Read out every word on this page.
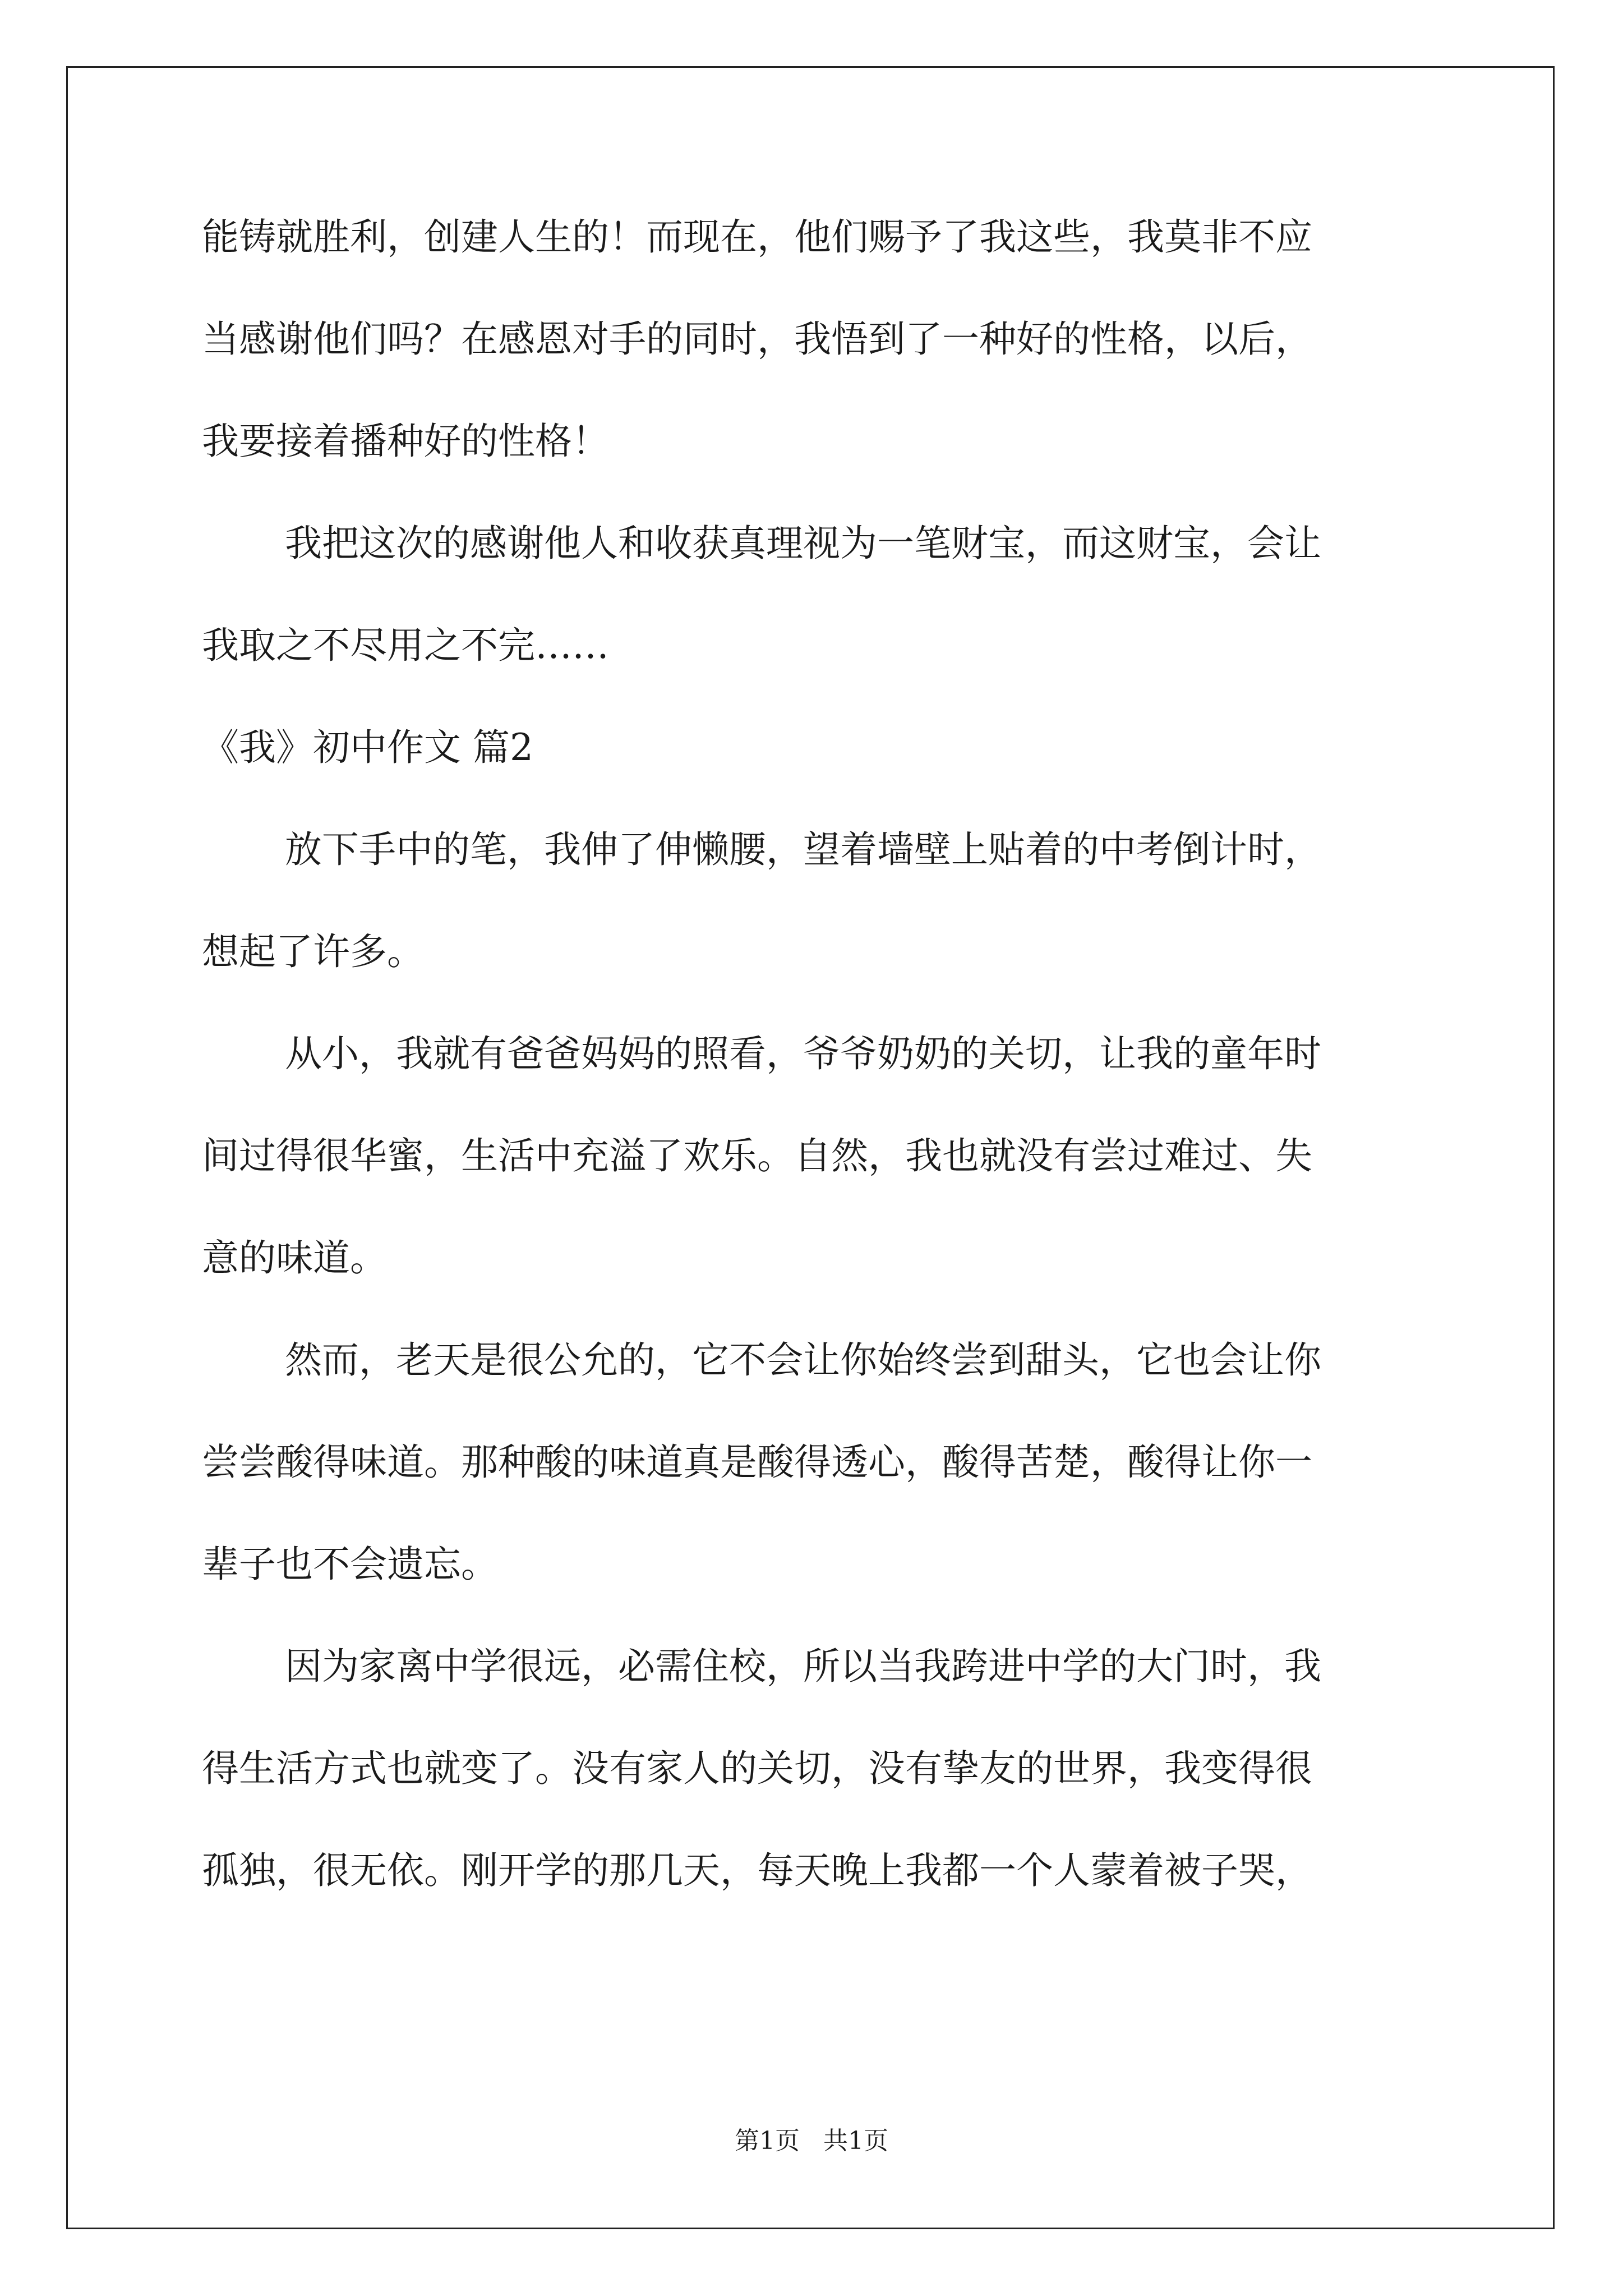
能铸就胜利，创建人生的！而现在，他们赐予了我这些，我莫非不应
当感谢他们吗？在感恩对手的同时，我悟到了一种好的性格，以后，
我要接着播种好的性格！
我把这次的感谢他人和收获真理视为一笔财宝，而这财宝，会让
我取之不尽用之不完……
《我》初中作文 篇2
放下手中的笔，我伸了伸懒腰，望着墙壁上贴着的中考倒计时，
想起了许多。
从小，我就有爸爸妈妈的照看，爷爷奶奶的关切，让我的童年时
间过得很华蜜，生活中充溢了欢乐。自然，我也就没有尝过难过、失
意的味道。
然而，老天是很公允的，它不会让你始终尝到甜头，它也会让你
尝尝酸得味道。那种酸的味道真是酸得透心，酸得苦楚，酸得让你一
辈子也不会遗忘。
因为家离中学很远，必需住校，所以当我跨进中学的大门时，我
得生活方式也就变了。没有家人的关切，没有挚友的世界，我变得很
孤独，很无依。刚开学的那几天，每天晚上我都一个人蒙着被子哭，
第1页   共1页
